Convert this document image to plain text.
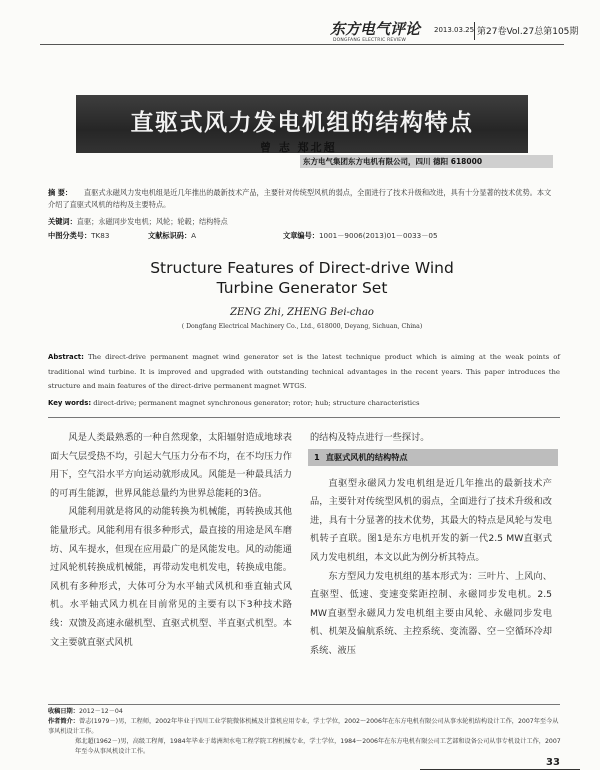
东方电气评论
DONGFANG ELECTRIC REVIEW
2013.03.25 第27卷Vol.27总第105期
直驱式风力发电机组的结构特点
曾 志 郑北超
东方电气集团东方电机有限公司，四川 德阳 618000
摘 要： 直驱式永磁风力发电机组是近几年推出的最新技术产品，主要针对传统型风机的弱点，全面进行了技术升级和改进，具有十分显著的技术优势。本文介绍了直驱式风机的结构及主要特点。
关键词：直驱；永磁同步发电机；风轮；轮毂；结构特点
中图分类号： TK83	文献标识码： A	文章编号： 1001－9006(2013)01－0033－05
Structure Features of Direct-drive Wind
Turbine Generator Set
ZENG Zhi, ZHENG Bei-chao
( Dongfang Electrical Machinery Co., Ltd., 618000, Deyang, Sichuan, China)
Abstract: The direct-drive permanent magnet wind generator set is the latest technique product which is aiming at the weak points of traditional wind turbine. It is improved and upgraded with outstanding technical advantages in the recent years. This paper introduces the structure and main features of the direct-drive permanent magnet WTGS.
Key words: direct-drive; permanent magnet synchronous generator; rotor; hub; structure characteristics

风是人类最熟悉的一种自然现象，太阳辐射造成地球表面大气层受热不均，引起大气压力分布不均，在不均压力作用下，空气沿水平方向运动就形成风。风能是一种最具活力的可再生能源，世界风能总量约为世界总能耗的3倍。

风能利用就是将风的动能转换为机械能，再转换成其他能量形式。风能利用有很多种形式，最直接的用途是风车磨坊、风车提水，但现在应用最广的是风能发电。风的动能通过风轮机转换成机械能，再带动发电机发电，转换成电能。风机有多种形式，大体可分为水平轴式风机和垂直轴式风机。水平轴式风力机在目前常见的主要有以下3种技术路线：双馈及高速永磁机型、直驱式机型、半直驱式机型。本文主要就直驱式风机

的结构及特点进行一些探讨。

1 直驱式风机的结构特点

直驱型永磁风力发电机组是近几年推出的最新技术产品，主要针对传统型风机的弱点，全面进行了技术升级和改进，具有十分显著的技术优势，其最大的特点是风轮与发电机转子直联。图1是东方电机开发的新一代2.5 MW直驱式风力发电机组，本文以此为例分析其特点。

东方型风力发电机组的基本形式为：三叶片、上风向、直驱型、低速、变速变桨距控制、永磁同步发电机。2.5 MW直驱型永磁风力发电机组主要由风轮、永磁同步发电机、机架及偏航系统、主控系统、变流器、空－空循环冷却系统、液压

收稿日期：2012－12－04
作者简介：曾志(1979－)男，工程师，2002年毕业于四川工业学院微体机械及计算机应用专业，学士学位，2002～2006年在东方电机有限公司从事水轮机结构设计工作，2007年至今从事风机设计工作。
郑北超(1962－)男，高级工程师，1984年毕业于葛洲坝水电工程学院工程机械专业，学士学位，1984～2006年在东方电机有限公司工艺部和设备公司从事专机设计工作，2007年至今从事风机设计工作。
33
